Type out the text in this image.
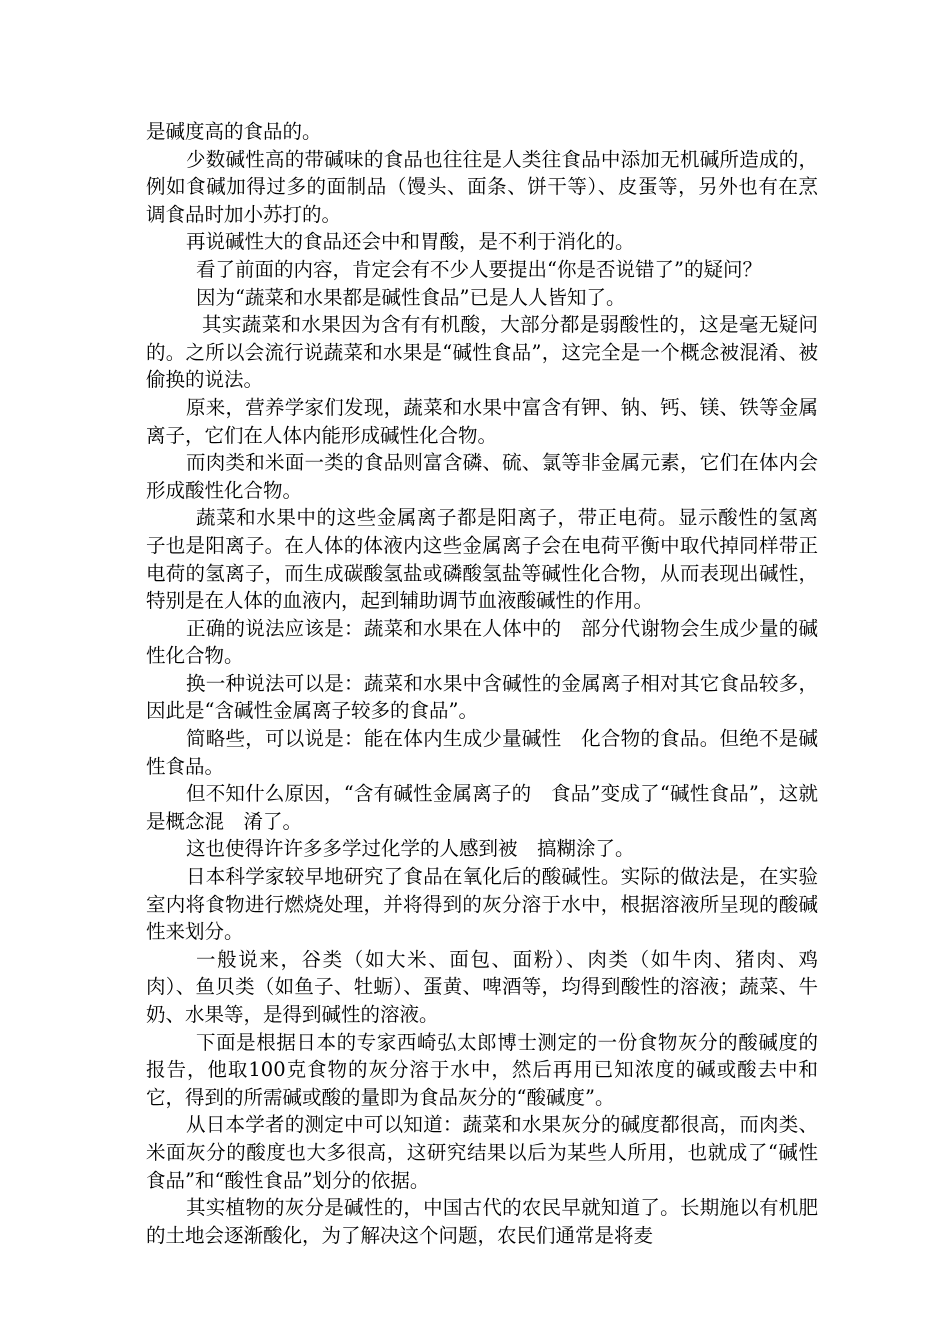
是碱度高的食品的。

少数碱性高的带碱味的食品也往往是人类往食品中添加无机碱所造成的，例如食碱加得过多的面制品（馒头、面条、饼干等）、皮蛋等，另外也有在烹调食品时加小苏打的。

再说碱性大的食品还会中和胃酸，是不利于消化的。

看了前面的内容，肯定会有不少人要提出“你是否说错了”的疑问？

因为“蔬菜和水果都是碱性食品”已是人人皆知了。

其实蔬菜和水果因为含有有机酸，大部分都是弱酸性的，这是毫无疑问的。之所以会流行说蔬菜和水果是“碱性食品”，这完全是一个概念被混淆、被偷换的说法。

原来，营养学家们发现，蔬菜和水果中富含有钾、钠、钙、镁、铁等金属离子，它们在人体内能形成碱性化合物。

而肉类和米面一类的食品则富含磷、硫、氯等非金属元素，它们在体内会形成酸性化合物。

蔬菜和水果中的这些金属离子都是阳离子，带正电荷。显示酸性的氢离子也是阳离子。在人体的体液内这些金属离子会在电荷平衡中取代掉同样带正电荷的氢离子，而生成碳酸氢盐或磷酸氢盐等碱性化合物，从而表现出碱性，特别是在人体的血液内，起到辅助调节血液酸碱性的作用。

正确的说法应该是：蔬菜和水果在人体中的　部分代谢物会生成少量的碱性化合物。

换一种说法可以是：蔬菜和水果中含碱性的金属离子相对其它食品较多，因此是“含碱性金属离子较多的食品”。

简略些，可以说是：能在体内生成少量碱性　化合物的食品。但绝不是碱性食品。

但不知什么原因，“含有碱性金属离子的　食品”变成了“碱性食品”，这就是概念混　淆了。

这也使得许许多多学过化学的人感到被　搞糊涂了。

日本科学家较早地研究了食品在氧化后的酸碱性。实际的做法是，在实验室内将食物进行燃烧处理，并将得到的灰分溶于水中，根据溶液所呈现的酸碱性来划分。

一般说来，谷类（如大米、面包、面粉）、肉类（如牛肉、猪肉、鸡肉）、鱼贝类（如鱼子、牡蛎）、蛋黄、啤酒等，均得到酸性的溶液；蔬菜、牛奶、水果等，是得到碱性的溶液。

下面是根据日本的专家西崎弘太郎博士测定的一份食物灰分的酸碱度的报告，他取100克食物的灰分溶于水中，然后再用已知浓度的碱或酸去中和它，得到的所需碱或酸的量即为食品灰分的“酸碱度”。

从日本学者的测定中可以知道：蔬菜和水果灰分的碱度都很高，而肉类、米面灰分的酸度也大多很高，这研究结果以后为某些人所用，也就成了“碱性食品”和“酸性食品”划分的依据。

其实植物的灰分是碱性的，中国古代的农民早就知道了。长期施以有机肥的土地会逐渐酸化，为了解决这个问题，农民们通常是将麦
